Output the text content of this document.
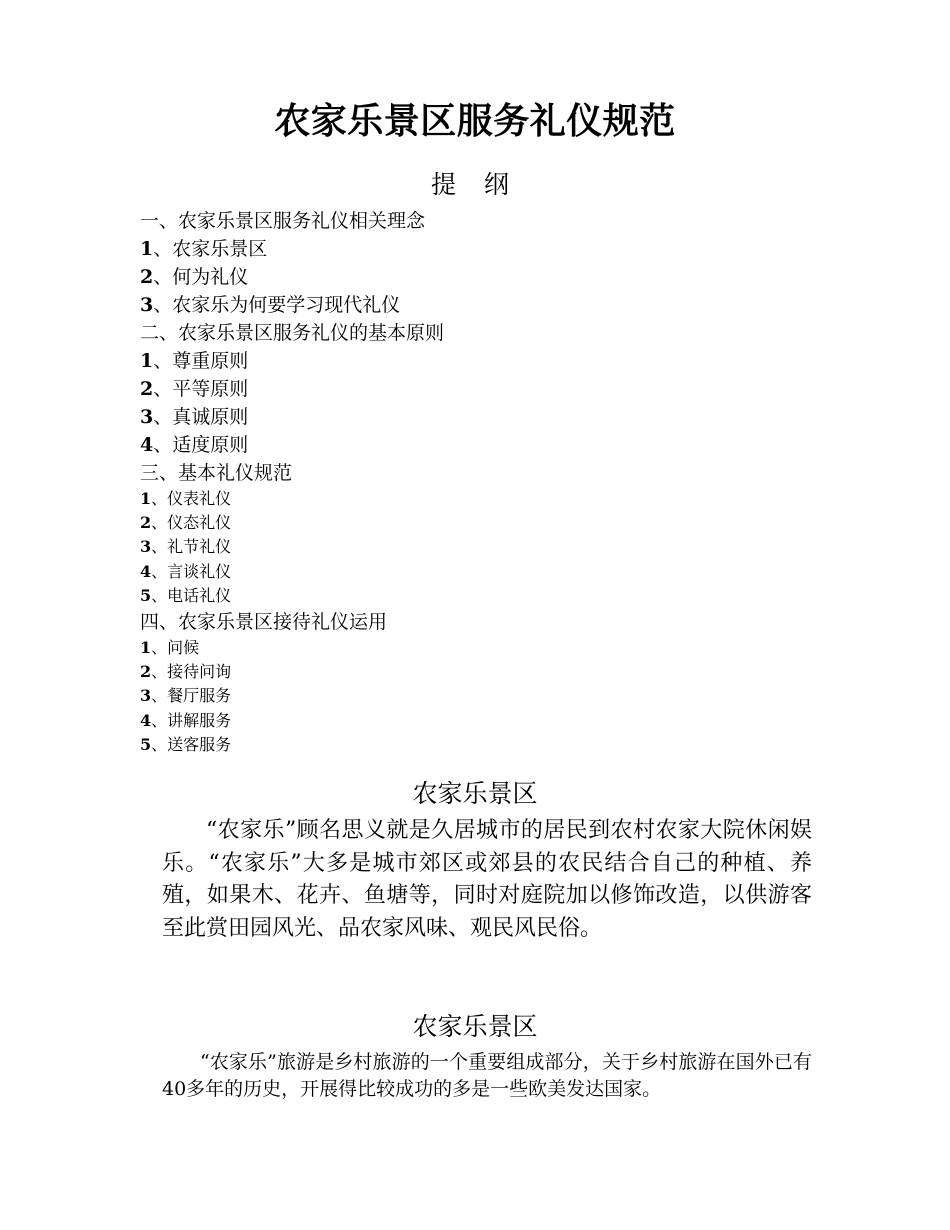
农家乐景区服务礼仪规范
提 纲
一、农家乐景区服务礼仪相关理念
1、农家乐景区
2、何为礼仪
3、农家乐为何要学习现代礼仪
二、农家乐景区服务礼仪的基本原则
1、尊重原则
2、平等原则
3、真诚原则
4、适度原则
三、基本礼仪规范
1、仪表礼仪
2、仪态礼仪
3、礼节礼仪
4、言谈礼仪
5、电话礼仪
四、农家乐景区接待礼仪运用
1、问候
2、接待问询
3、餐厅服务
4、讲解服务
5、送客服务
农家乐景区
“农家乐”顾名思义就是久居城市的居民到农村农家大院休闲娱乐。“农家乐”大多是城市郊区或郊县的农民结合自己的种植、养殖，如果木、花卉、鱼塘等，同时对庭院加以修饰改造，以供游客至此赏田园风光、品农家风味、观民风民俗。
农家乐景区
“农家乐”旅游是乡村旅游的一个重要组成部分，关于乡村旅游在国外已有40多年的历史，开展得比较成功的多是一些欧美发达国家。
